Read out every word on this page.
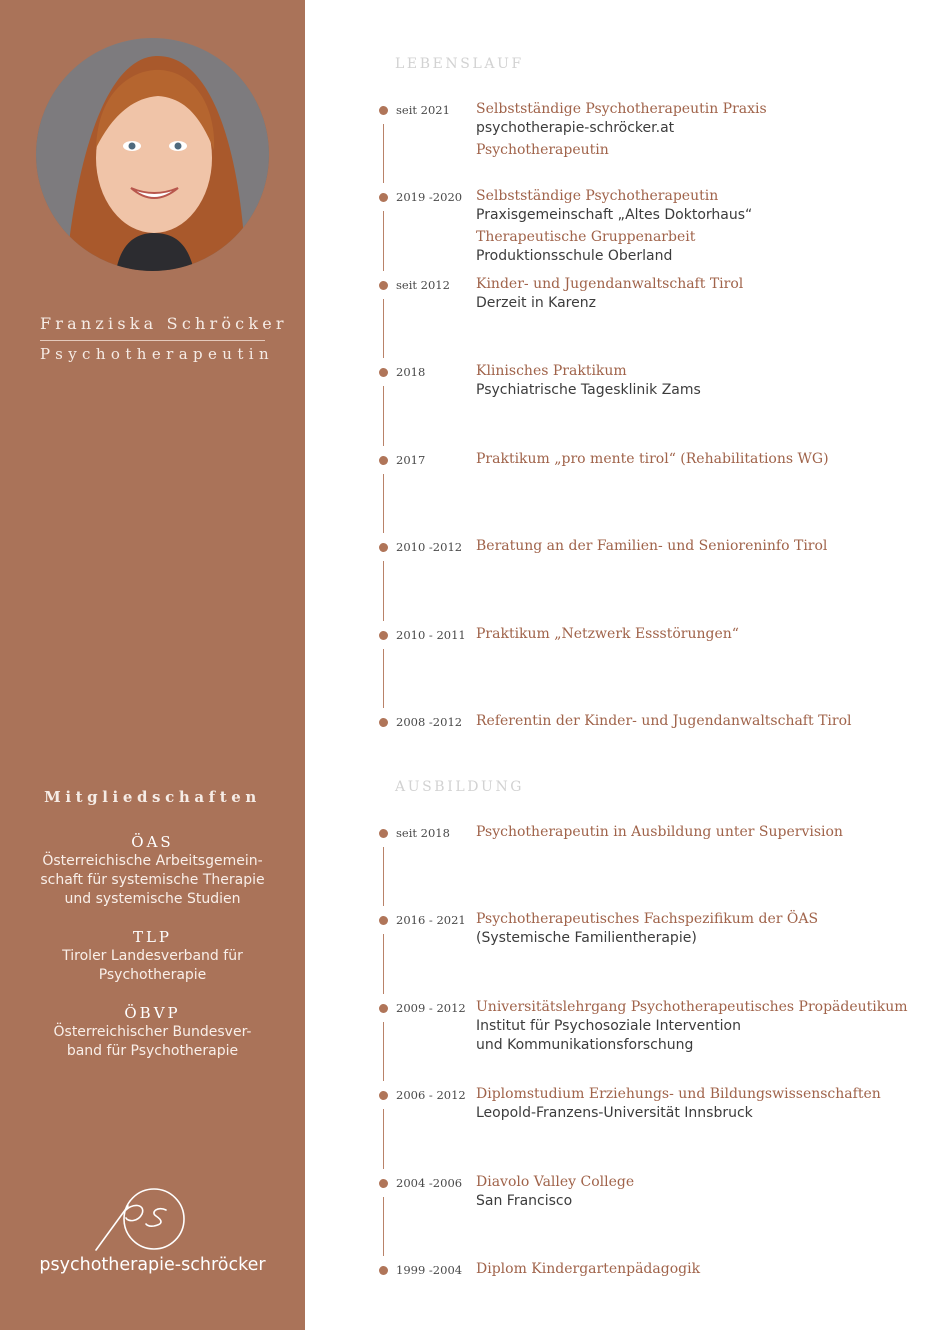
Franziska Schröcker
Psychotherapeutin
Mitgliedschaften
ÖAS
Österreichische Arbeitsgemein-
schaft für systemische Therapie
und systemische Studien
TLP
Tiroler Landesverband für
Psychotherapie
ÖBVP
Österreichischer Bundesver-
band für Psychotherapie
psychotherapie-schröcker
LEBENSLAUF
seit 2021 Selbstständige Psychotherapeutin Praxis
psychotherapie-schröcker.at
Psychotherapeutin
2019 -2020 Selbstständige Psychotherapeutin
Praxisgemeinschaft „Altes Doktorhaus“
Therapeutische Gruppenarbeit
Produktionsschule Oberland
seit 2012 Kinder- und Jugendanwaltschaft Tirol
Derzeit in Karenz
2018	Klinisches Praktikum
Psychiatrische Tagesklinik Zams
2017	Praktikum „pro mente tirol“ (Rehabilitations WG)
2010 -2012 Beratung an der Familien- und Senioreninfo Tirol
2010 - 2011 Praktikum „Netzwerk Essstörungen“
2008 -2012 Referentin der Kinder- und Jugendanwaltschaft Tirol
AUSBILDUNG
seit 2018 Psychotherapeutin in Ausbildung unter Supervision
2016 - 2021 Psychotherapeutisches Fachspezifikum der ÖAS
(Systemische Familientherapie)
2009 - 2012 Universitätslehrgang Psychotherapeutisches Propädeutikum
Institut für Psychosoziale Intervention
und Kommunikationsforschung
2006 - 2012 Diplomstudium Erziehungs- und Bildungswissenschaften
Leopold-Franzens-Universität Innsbruck
2004 -2006 Diavolo Valley College
San Francisco
1999 -2004 Diplom Kindergartenpädagogik
